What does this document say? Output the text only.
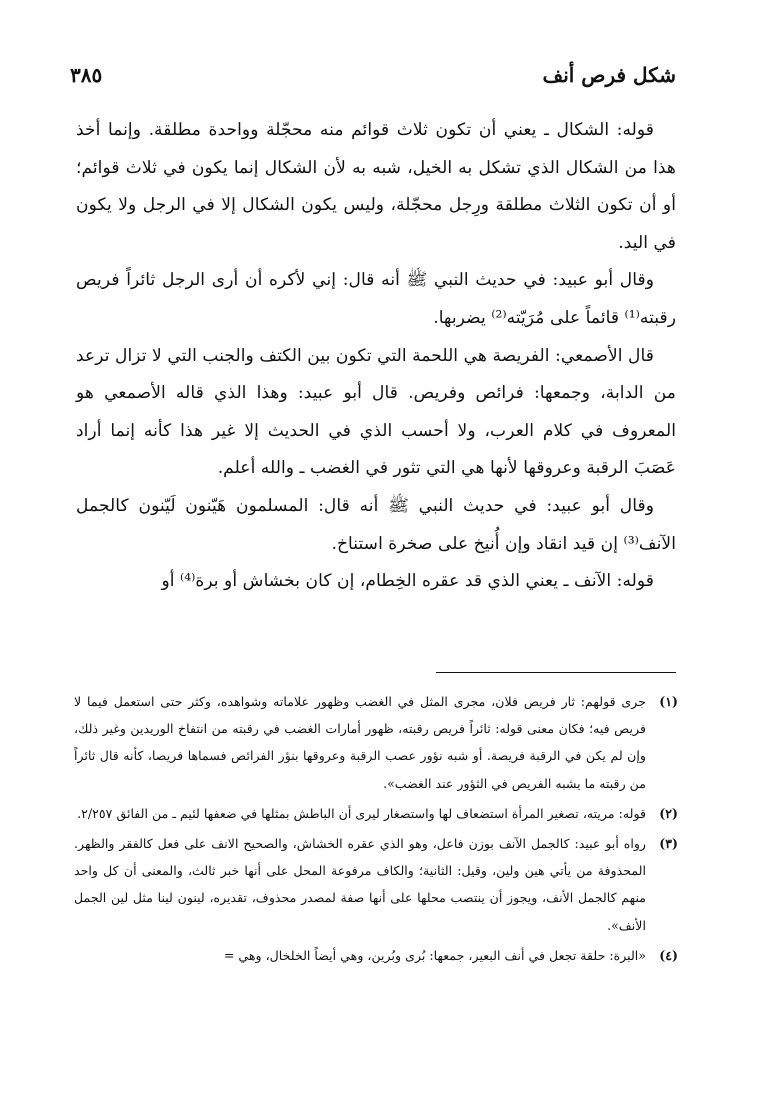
شكل فرص أنف
٣٨٥

قوله: الشكال ـ يعني أن تكون ثلاث قوائم منه محجّلة وواحدة مطلقة. وإنما أخذ هذا من الشكال الذي تشكل به الخيل، شبه به لأن الشكال إنما يكون في ثلاث قوائم؛ أو أن تكون الثلاث مطلقة ورِجل محجّلة، وليس يكون الشكال إلا في الرجل ولا يكون في اليد.

وقال أبو عبيد: في حديث النبي ﷺ أنه قال: إني لأكره أن أرى الرجل ثائراً فريص رقبته⁽¹⁾ قائماً على مُرَيّته⁽²⁾ يضربها.

قال الأصمعي: الفريصة هي اللحمة التي تكون بين الكتف والجنب التي لا تزال ترعد من الدابة، وجمعها: فرائص وفريص. قال أبو عبيد: وهذا الذي قاله الأصمعي هو المعروف في كلام العرب، ولا أحسب الذي في الحديث إلا غير هذا كأنه إنما أراد عَصَبَ الرقبة وعروقها لأنها هي التي تثور في الغضب ـ والله أعلم.

وقال أبو عبيد: في حديث النبي ﷺ أنه قال: المسلمون هَيّنون لَيّنون كالجمل الآنف⁽³⁾ إن قيد انقاد وإن أُنيخ على صخرة استناخ.

قوله: الآنف ـ يعني الذي قد عقره الخِطام، إن كان بخشاش أو برة⁽⁴⁾ أو

(١)
جرى قولهم: ثار فريص فلان، مجرى المثل في الغضب وظهور علاماته وشواهده، وكثر حتى استعمل فيما لا فريص فيه؛ فكان معنى قوله: ثائراً فريص رقبته، ظهور أمارات الغضب في رقبته من انتفاخ الوريدين وغير ذلك، وإن لم يكن في الرقبة فريصة. أو شبه نؤور عصب الرقبة وعروقها بنؤر الفرائص فسماها فريصا، كأنه قال ثائراً من رقبته ما يشبه الفريص في الثؤور عند الغضب».
(٢)
قوله: مريته، تصغير المرأة استضعاف لها واستصغار ليرى أن الباطش بمثلها في ضعفها لئيم ـ من الفائق ٢/٢٥٧.
(٣)
رواه أبو عبيد: كالجمل الآنف بوزن فاعل، وهو الذي عقره الخشاش، والصحيح الانف على فعل كالفقر والظهر. المحذوفة من يأتي هين ولين، وقيل: الثانية؛ والكاف مرفوعة المحل على أنها خبر ثالث، والمعنى أن كل واحد منهم كالجمل الأنف، ويجوز أن ينتصب محلها على أنها صفة لمصدر محذوف، تقديره، لينون لينا مثل لين الجمل الأنف».
(٤)
«البرة: حلقة تجعل في أنف البعير، جمعها: بُرى وبُرين، وهي أيضاً الخلخال، وهي =
